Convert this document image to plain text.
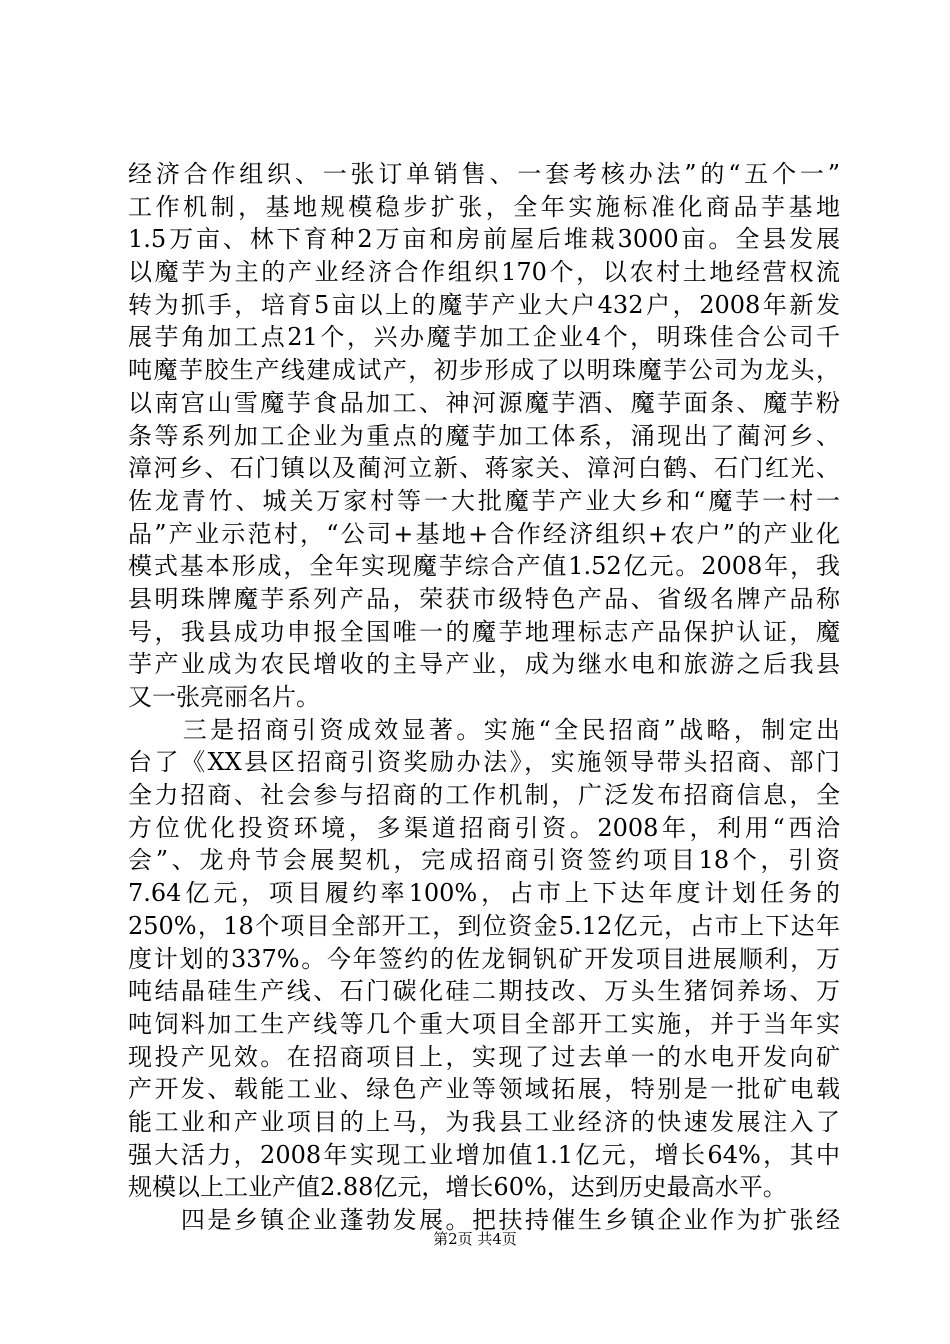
经济合作组织、一张订单销售、一套考核办法”的“五个一”
工作机制，基地规模稳步扩张，全年实施标准化商品芋基地
1.5万亩、林下育种2万亩和房前屋后堆栽3000亩。全县发展
以魔芋为主的产业经济合作组织170个，以农村土地经营权流
转为抓手，培育5亩以上的魔芋产业大户432户，2008年新发
展芋角加工点21个，兴办魔芋加工企业4个，明珠佳合公司千
吨魔芋胶生产线建成试产，初步形成了以明珠魔芋公司为龙头，
以南宫山雪魔芋食品加工、神河源魔芋酒、魔芋面条、魔芋粉
条等系列加工企业为重点的魔芋加工体系，涌现出了蔺河乡、
漳河乡、石门镇以及蔺河立新、蒋家关、漳河白鹤、石门红光、
佐龙青竹、城关万家村等一大批魔芋产业大乡和“魔芋一村一
品”产业示范村，“公司+基地+合作经济组织+农户”的产业化
模式基本形成，全年实现魔芋综合产值1.52亿元。2008年，我
县明珠牌魔芋系列产品，荣获市级特色产品、省级名牌产品称
号，我县成功申报全国唯一的魔芋地理标志产品保护认证，魔
芋产业成为农民增收的主导产业，成为继水电和旅游之后我县
又一张亮丽名片。
　　三是招商引资成效显著。实施“全民招商”战略，制定出
台了《XX县区招商引资奖励办法》，实施领导带头招商、部门
全力招商、社会参与招商的工作机制，广泛发布招商信息，全
方位优化投资环境，多渠道招商引资。2008年，利用“西洽
会”、龙舟节会展契机，完成招商引资签约项目18个，引资
7.64亿元，项目履约率100%，占市上下达年度计划任务的
250%，18个项目全部开工，到位资金5.12亿元，占市上下达年
度计划的337%。今年签约的佐龙铜钒矿开发项目进展顺利，万
吨结晶硅生产线、石门碳化硅二期技改、万头生猪饲养场、万
吨饲料加工生产线等几个重大项目全部开工实施，并于当年实
现投产见效。在招商项目上，实现了过去单一的水电开发向矿
产开发、载能工业、绿色产业等领域拓展，特别是一批矿电载
能工业和产业项目的上马，为我县工业经济的快速发展注入了
强大活力，2008年实现工业增加值1.1亿元，增长64%，其中
规模以上工业产值2.88亿元，增长60%，达到历史最高水平。
　　四是乡镇企业蓬勃发展。把扶持催生乡镇企业作为扩张经
第2页 共4页
